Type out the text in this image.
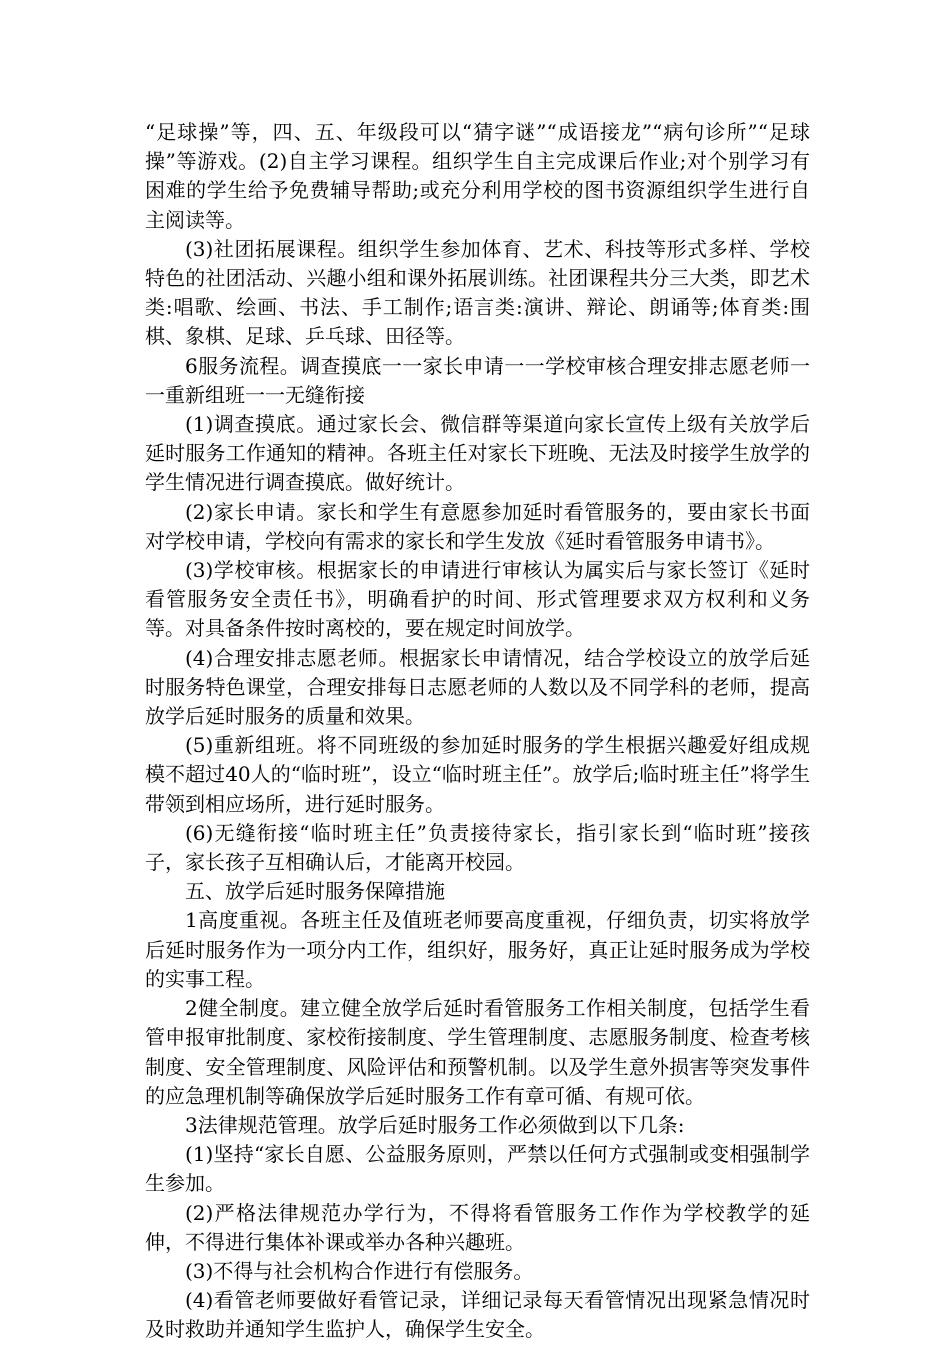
“足球操”等，四、五、年级段可以“猜字谜”“成语接龙”“病句诊所”“足球操”等游戏。(2)自主学习课程。组织学生自主完成课后作业;对个别学习有困难的学生给予免费辅导帮助;或充分利用学校的图书资源组织学生进行自主阅读等。

(3)社团拓展课程。组织学生参加体育、艺术、科技等形式多样、学校特色的社团活动、兴趣小组和课外拓展训练。社团课程共分三大类，即艺术类:唱歌、绘画、书法、手工制作;语言类:演讲、辩论、朗诵等;体育类:围棋、象棋、足球、乒乓球、田径等。

6服务流程。调查摸底一一家长申请一一学校审核合理安排志愿老师一一重新组班一一无缝衔接

(1)调查摸底。通过家长会、微信群等渠道向家长宣传上级有关放学后延时服务工作通知的精神。各班主任对家长下班晚、无法及时接学生放学的学生情况进行调查摸底。做好统计。

(2)家长申请。家长和学生有意愿参加延时看管服务的，要由家长书面对学校申请，学校向有需求的家长和学生发放《延时看管服务申请书》。

(3)学校审核。根据家长的申请进行审核认为属实后与家长签订《延时看管服务安全责任书》，明确看护的时间、形式管理要求双方权利和义务等。对具备条件按时离校的，要在规定时间放学。

(4)合理安排志愿老师。根据家长申请情况，结合学校设立的放学后延时服务特色课堂，合理安排每日志愿老师的人数以及不同学科的老师，提高放学后延时服务的质量和效果。

(5)重新组班。将不同班级的参加延时服务的学生根据兴趣爱好组成规模不超过40人的“临时班”，设立“临时班主任”。放学后;临时班主任”将学生带领到相应场所，进行延时服务。

(6)无缝衔接“临时班主任”负责接待家长，指引家长到“临时班”接孩子，家长孩子互相确认后，才能离开校园。

五、放学后延时服务保障措施

1高度重视。各班主任及值班老师要高度重视，仔细负责，切实将放学后延时服务作为一项分内工作，组织好，服务好，真正让延时服务成为学校的实事工程。

2健全制度。建立健全放学后延时看管服务工作相关制度，包括学生看管申报审批制度、家校衔接制度、学生管理制度、志愿服务制度、检查考核制度、安全管理制度、风险评估和预警机制。以及学生意外损害等突发事件的应急理机制等确保放学后延时服务工作有章可循、有规可依。

3法律规范管理。放学后延时服务工作必须做到以下几条:

(1)坚持“家长自愿、公益服务原则，严禁以任何方式强制或变相强制学生参加。

(2)严格法律规范办学行为，不得将看管服务工作作为学校教学的延伸，不得进行集体补课或举办各种兴趣班。

(3)不得与社会机构合作进行有偿服务。

(4)看管老师要做好看管记录，详细记录每天看管情况出现紧急情况时及时救助并通知学生监护人，确保学生安全。
